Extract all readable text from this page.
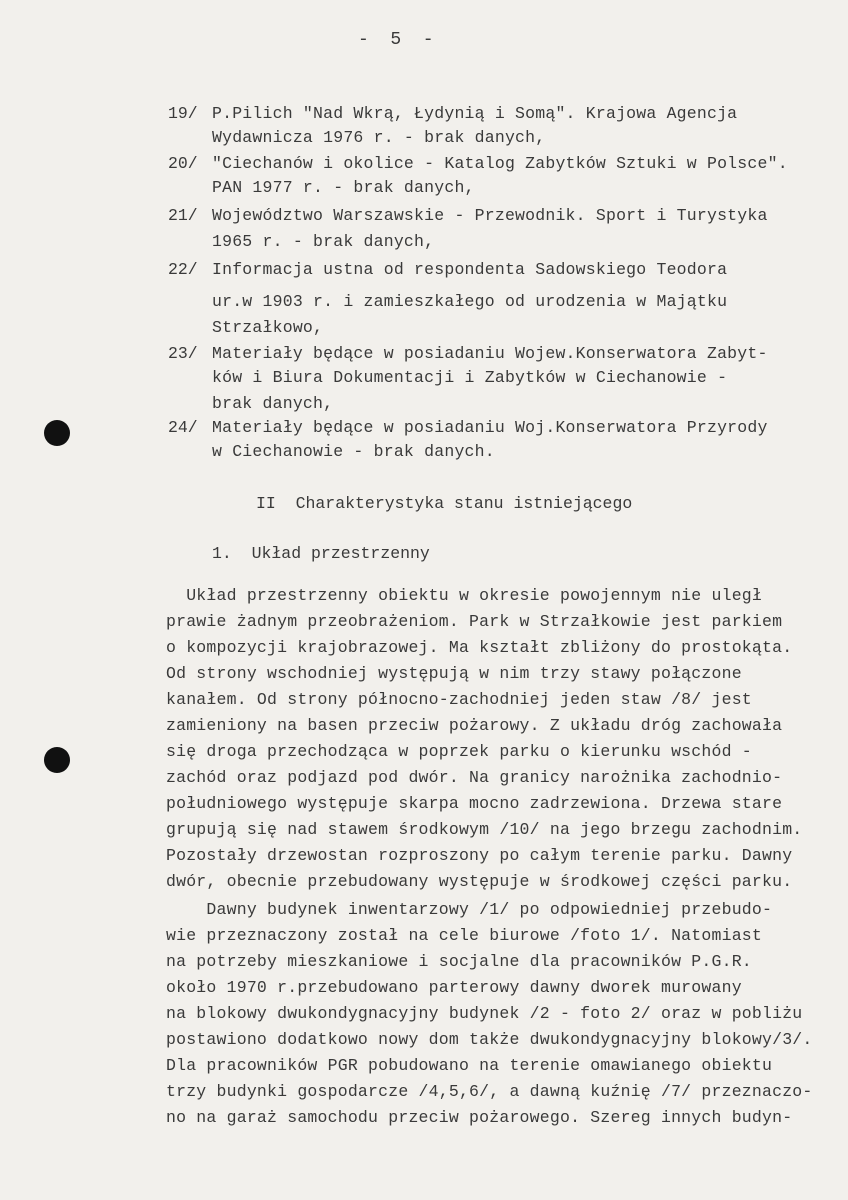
-  5  -
19/ P.Pilich "Nad Wkrą, Łydynią i Somą". Krajowa Agencja
Wydawnicza 1976 r. - brak danych,
20/ "Ciechanów i okolice - Katalog Zabytków Sztuki w Polsce".
PAN 1977 r. - brak danych,
21/ Województwo Warszawskie - Przewodnik. Sport i Turystyka
1965 r. - brak danych,
22/ Informacja ustna od respondenta Sadowskiego Teodora
ur.w 1903 r. i zamieszkałego od urodzenia w Majątku
Strzałkowo,
23/ Materiały będące w posiadaniu Wojew.Konserwatora Zabyt-
ków i Biura Dokumentacji i Zabytków w Ciechanowie -
brak danych,
24/ Materiały będące w posiadaniu Woj.Konserwatora Przyrody
w Ciechanowie - brak danych.
II  Charakterystyka stanu istniejącego
1.  Układ przestrzenny
Układ przestrzenny obiektu w okresie powojennym nie uległ
prawie żadnym przeobrażeniom. Park w Strzałkowie jest parkiem
o kompozycji krajobrazowej. Ma kształt zbliżony do prostokąta.
Od strony wschodniej występują w nim trzy stawy połączone
kanałem. Od strony północno-zachodniej jeden staw /8/ jest
zamieniony na basen przeciw pożarowy. Z układu dróg zachowała
się droga przechodząca w poprzek parku o kierunku wschód -
zachód oraz podjazd pod dwór. Na granicy narożnika zachodnio-
południowego występuje skarpa mocno zadrzewiona. Drzewa stare
grupują się nad stawem środkowym /10/ na jego brzegu zachodnim.
Pozostały drzewostan rozproszony po całym terenie parku. Dawny
dwór, obecnie przebudowany występuje w środkowej części parku.
Dawny budynek inwentarzowy /1/ po odpowiedniej przebudo-
wie przeznaczony został na cele biurowe /foto 1/. Natomiast
na potrzeby mieszkaniowe i socjalne dla pracowników P.G.R.
około 1970 r.przebudowano parterowy dawny dworek murowany
na blokowy dwukondygnacyjny budynek /2 - foto 2/ oraz w pobliżu
postawiono dodatkowo nowy dom także dwukondygnacyjny blokowy/3/.
Dla pracowników PGR pobudowano na terenie omawianego obiektu
trzy budynki gospodarcze /4,5,6/, a dawną kuźnię /7/ przeznaczo-
no na garaż samochodu przeciw pożarowego. Szereg innych budyn-
